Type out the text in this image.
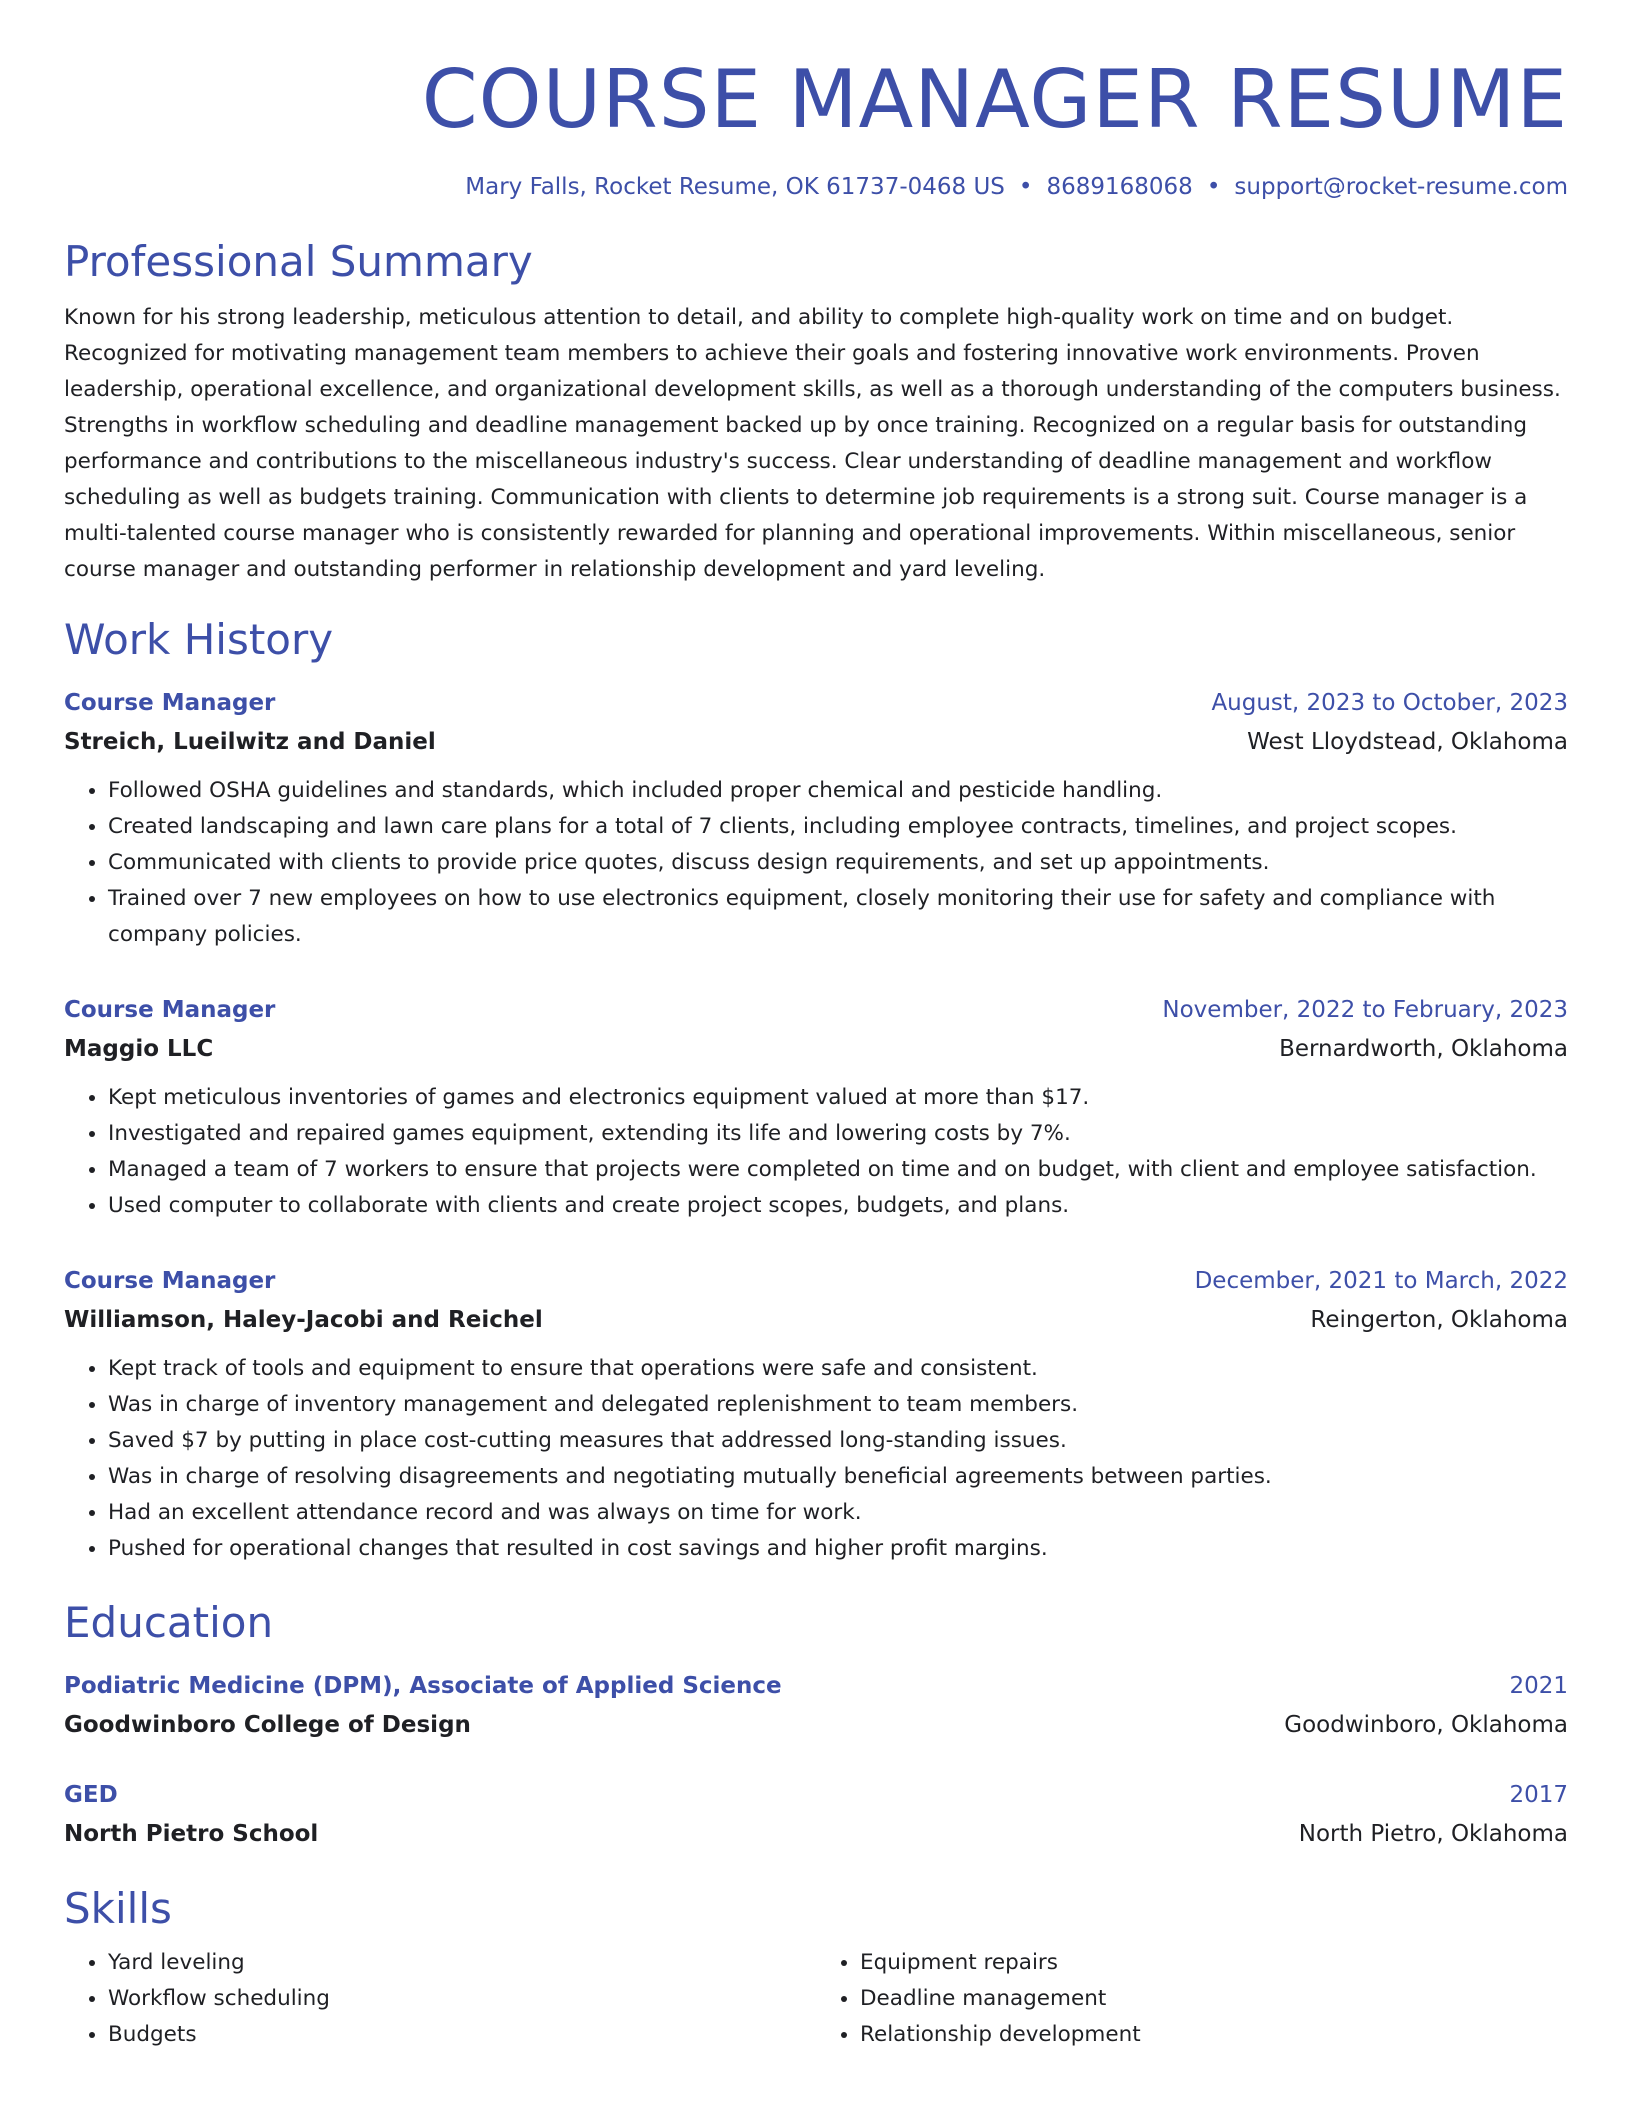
COURSE MANAGER RESUME
Mary Falls, Rocket Resume, OK 61737-0468 US • 8689168068 • support@rocket-resume.com
Professional Summary
Known for his strong leadership, meticulous attention to detail, and ability to complete high-quality work on time and on budget. Recognized for motivating management team members to achieve their goals and fostering innovative work environments. Proven leadership, operational excellence, and organizational development skills, as well as a thorough understanding of the computers business. Strengths in workflow scheduling and deadline management backed up by once training. Recognized on a regular basis for outstanding performance and contributions to the miscellaneous industry's success. Clear understanding of deadline management and workflow scheduling as well as budgets training. Communication with clients to determine job requirements is a strong suit. Course manager is a multi-talented course manager who is consistently rewarded for planning and operational improvements. Within miscellaneous, senior course manager and outstanding performer in relationship development and yard leveling.
Work History
Course Manager	August, 2023 to October, 2023
Streich, Lueilwitz and Daniel	West Lloydstead, Oklahoma
• Followed OSHA guidelines and standards, which included proper chemical and pesticide handling.
• Created landscaping and lawn care plans for a total of 7 clients, including employee contracts, timelines, and project scopes.
• Communicated with clients to provide price quotes, discuss design requirements, and set up appointments.
• Trained over 7 new employees on how to use electronics equipment, closely monitoring their use for safety and compliance with company policies.
Course Manager	November, 2022 to February, 2023
Maggio LLC	Bernardworth, Oklahoma
• Kept meticulous inventories of games and electronics equipment valued at more than $17.
• Investigated and repaired games equipment, extending its life and lowering costs by 7%.
• Managed a team of 7 workers to ensure that projects were completed on time and on budget, with client and employee satisfaction.
• Used computer to collaborate with clients and create project scopes, budgets, and plans.
Course Manager	December, 2021 to March, 2022
Williamson, Haley-Jacobi and Reichel	Reingerton, Oklahoma
• Kept track of tools and equipment to ensure that operations were safe and consistent.
• Was in charge of inventory management and delegated replenishment to team members.
• Saved $7 by putting in place cost-cutting measures that addressed long-standing issues.
• Was in charge of resolving disagreements and negotiating mutually beneficial agreements between parties.
• Had an excellent attendance record and was always on time for work.
• Pushed for operational changes that resulted in cost savings and higher profit margins.
Education
Podiatric Medicine (DPM), Associate of Applied Science	2021
Goodwinboro College of Design	Goodwinboro, Oklahoma
GED	2017
North Pietro School	North Pietro, Oklahoma
Skills
• Yard leveling
• Workflow scheduling
• Budgets
• Equipment repairs
• Deadline management
• Relationship development
